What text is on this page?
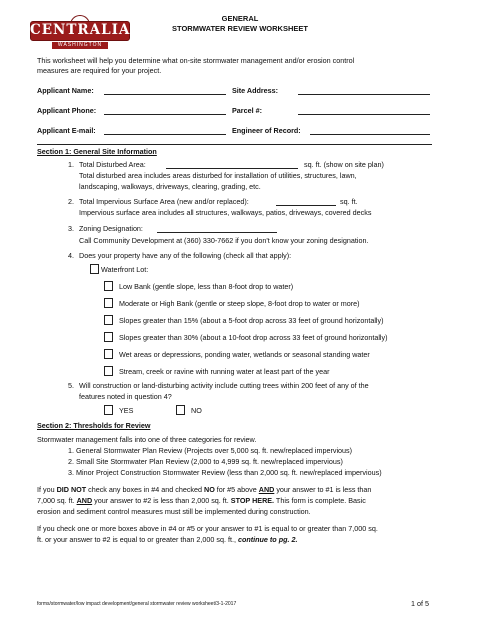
CENTRALIA
WASHINGTON
GENERAL
STORMWATER REVIEW WORKSHEET
This worksheet will help you determine what on-site stormwater management and/or erosion control
measures are required for your project.
Applicant Name:	Site Address:
Applicant Phone:	Parcel #:
Applicant E-mail:	Engineer of Record:
Section 1: General Site Information
1. Total Disturbed Area:	sq. ft. (show on site plan)
Total disturbed area includes areas disturbed for installation of utilities, structures, lawn,
landscaping, walkways, driveways, clearing, grading, etc.
2. Total Impervious Surface Area (new and/or replaced):	sq. ft.
Impervious surface area includes all structures, walkways, patios, driveways, covered decks
3. Zoning Designation:
Call Community Development at (360) 330-7662 if you don't know your zoning designation.
4. Does your property have any of the following (check all that apply):
Waterfront Lot:
Low Bank (gentle slope, less than 8-foot drop to water)
Moderate or High Bank (gentle or steep slope, 8-foot drop to water or more)
Slopes greater than 15% (about a 5-foot drop across 33 feet of ground horizontally)
Slopes greater than 30% (about a 10-foot drop across 33 feet of ground horizontally)
Wet areas or depressions, ponding water, wetlands or seasonal standing water
Stream, creek or ravine with running water at least part of the year
5. Will construction or land-disturbing activity include cutting trees within 200 feet of any of the
features noted in question 4?
YES	NO
Section 2: Thresholds for Review
Stormwater management falls into one of three categories for review.
1. General Stormwater Plan Review (Projects over 5,000 sq. ft. new/replaced impervious)
2. Small Site Stormwater Plan Review (2,000 to 4,999 sq. ft. new/replaced impervious)
3. Minor Project Construction Stormwater Review (less than 2,000 sq. ft. new/replaced impervious)
If you DID NOT check any boxes in #4 and checked NO for #5 above AND your answer to #1 is less than
7,000 sq. ft. AND your answer to #2 is less than 2,000 sq. ft. STOP HERE. This form is complete. Basic
erosion and sediment control measures must still be implemented during construction.
If you check one or more boxes above in #4 or #5 or your answer to #1 is equal to or greater than 7,000 sq.
ft. or your answer to #2 is equal to or greater than 2,000 sq. ft., continue to pg. 2.
forms/stormwater/low impact development/general stormwater review worksheet/3-1-2017	1 of 5
